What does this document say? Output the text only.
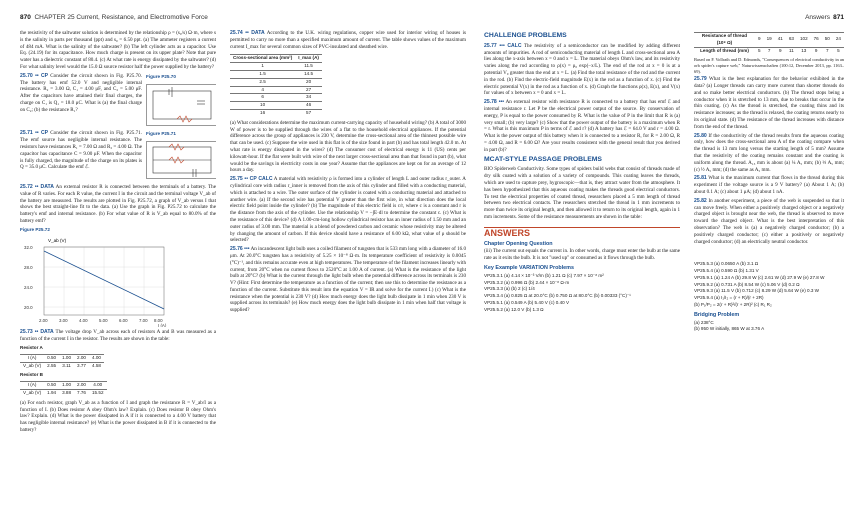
870 CHAPTER 25 Current, Resistance, and Electromotive Force	Answers 871

the resistivity of the saltwater solution is determined by the relationship ρ = (s₀/s) Ω·m, where s is the salinity in parts per thousand (ppt) and s₀ = 6.50 ppt. (a) The ammeter registers a current of 484 mA. What is the salinity of the saltwater? (b) The left cylinder acts as a capacitor. Use Eq. (24.19) for its capacitance. How much charge is present on its upper plate? Note that pure water has a dielectric constant of 80.4. (c) At what rate is energy dissipated by the saltwater? (d) For what salinity level would the 15.0 Ω source resistor half the power supplied by the battery?

25.70 •• CP Consider the circuit shown in Fig. P25.70. The battery has emf 52.0 V and negligible internal resistance. R₂ = 3.00 Ω, C₁ = 4.00 μF, and C₂ = 5.00 μF. After the capacitors have attained their final charges, the charge on C₁ is Q₁ = 18.0 μC. What is (a) the final charge on C₂; (b) the resistance R₁?

Figure P25.70

25.71 •• CP Consider the circuit shown in Fig. P25.71. The emf source has negligible internal resistance. The resistors have resistances R₁ = 7.00 Ω and R₂ = 4.00 Ω. The capacitor has capacitance C = 9.00 μF. When the capacitor is fully charged, the magnitude of the charge on its plates is Q = 35.0 μC. Calculate the emf ℰ.

Figure P25.71

25.72 •• DATA An external resistor R is connected between the terminals of a battery. The value of R varies. For each R value, the current I in the circuit and the terminal voltage V_ab of the battery are measured. The results are plotted in Fig. P25.72, a graph of V_ab versus I that shows the best straight-line fit to the data. (a) Use the graph in Fig. P25.72 to calculate the battery's emf and internal resistance. (b) For what value of R is V_ab equal to 80.0% of the battery emf?

Figure P25.72
V_ab (V)
32.0
28.0
24.0
20.0
2.00	3.00	4.00	5.00	6.00	7.00 8.00
I (A)

25.73 •• DATA The voltage drop V_ab across each of resistors A and B was measured as a function of the current I in the resistor. The results are shown in the table:

Resistor A
I (A)	0.50	1.00	2.00	4.00
V_ab (V)	2.55	3.11	3.77	4.58
Resistor B
I (A)	0.50	1.00	2.00	4.00
V_ab (V)	1.94	3.88	7.76	15.52

(a) For each resistor, graph V_ab as a function of I and graph the resistance R = V_ab/I as a function of I. (b) Does resistor A obey Ohm's law? Explain. (c) Does resistor B obey Ohm's law? Explain. (d) What is the power dissipated in A if it is connected to a 4.00 V battery that has negligible internal resistance? (e) What is the power dissipated in B if it is connected to the battery?

25.74 •• DATA According to the U.K. wiring regulations, copper wire used for interior wiring of houses is permitted to carry no more than a specified maximum amount of current. The table shows values of the maximum current I_max for several common sizes of PVC-insulated and sheathed wire.

Cross-sectional area (mm²)	I_max (A)
1	11.5
1.5	14.5
2.5	20
4	27
6	34
10	46
16	57

(a) What considerations determine the maximum current-carrying capacity of household wiring? (b) A total of 3000 W of power is to be supplied through the wires of a flat to the household electrical appliances. If the potential difference across the group of appliances is 230 V, determine the cross-sectional area of the thinnest possible wire that can be used. (c) Suppose the wire used in this flat is of the size found in part (b) and has total length 42.0 m. At what rate is energy dissipated in the wires? (d) The consumer cost of electrical energy is 11 (US) cents per kilowatt-hour. If the flat were built with wire of the next larger cross-sectional area than that found in part (b), what would be the savings in electricity costs in one year? Assume that the appliances are kept on for an average of 12 hours a day.

25.75 •• CP CALC A material with resistivity ρ is formed into a cylinder of length L and outer radius r_outer. A cylindrical core with radius r_inner is removed from the axis of this cylinder and filled with a conducting material, which is attached to a wire. The outer surface of the cylinder is coated with a conducting material and attached to another wire. (a) If the second wire has potential V greater than the first wire, in what direction does the local electric field point inside the cylinder? (b) The magnitude of this electric field is c/r, where c is a constant and r is the distance from the axis of the cylinder. Use the relationship V = −∫E·dl to determine the constant c. (c) What is the resistance of this device? (d) A 1.00-cm-long hollow cylindrical resistor has an inner radius of 1.50 mm and an outer radius of 3.00 mm. The material is a blend of powdered carbon and ceramic whose resistivity may be altered by changing the amount of carbon. If this device should have a resistance of 6.00 kΩ, what value of ρ should be selected?

25.76 ••• An incandescent light bulb uses a coiled filament of tungsten that is 533 mm long with a diameter of 16.0 μm. At 20.0°C tungsten has a resistivity of 5.25 × 10⁻⁸ Ω·m. Its temperature coefficient of resistivity is 0.0045 (°C)⁻¹, and this remains accurate even at high temperatures. The temperature of the filament increases linearly with current, from 20°C when no current flows to 2520°C at 1.00 A of current. (a) What is the resistance of the light bulb at 20°C? (b) What is the current through the light bulb when the potential difference across its terminals is 230 V? (Hint: First determine the temperature as a function of the current; then use this to determine the resistance as a function of the current. Substitute this result into the equation V = IR and solve for the current I.) (c) What is the resistance when the potential is 230 V? (d) How much energy does the light bulb dissipate in 1 min when 230 V is supplied across its terminals? (e) How much energy does the light bulb dissipate in 1 min when half that voltage is supplied?

CHALLENGE PROBLEMS

25.77 ••• CALC The resistivity of a semiconductor can be modified by adding different amounts of impurities. A rod of semiconducting material of length L and cross-sectional area A lies along the x-axis between x = 0 and x = L. The material obeys Ohm's law, and its resistivity varies along the rod according to ρ(x) = ρ₀ exp(−x/L). The end of the rod at x = 0 is at a potential V₀ greater than the end at x = L. (a) Find the total resistance of the rod and the current in the rod. (b) Find the electric-field magnitude E(x) in the rod as a function of x. (c) Find the electric potential V(x) in the rod as a function of x. (d) Graph the functions ρ(x), E(x), and V(x) for values of x between x = 0 and x = L.

25.78 ••• An external resistor with resistance R is connected to a battery that has emf ℰ and internal resistance r. Let P be the electrical power output of the source. By conservation of energy, P is equal to the power consumed by R. What is the value of P in the limit that R is (a) very small; (b) very large? (c) Show that the power output of the battery is a maximum when R = r. What is this maximum P in terms of ℰ and r? (d) A battery has ℰ = 64.0 V and r = 4.00 Ω. What is the power output of this battery when it is connected to a resistor R, for R = 2.00 Ω, R = 4.00 Ω, and R = 6.00 Ω? Are your results consistent with the general result that you derived in part (b)?

MCAT-STYLE PASSAGE PROBLEMS

BIO Spiderweb Conductivity. Some types of spiders build webs that consist of threads made of dry silk coated with a solution of a variety of compounds. This coating leaves the threads, which are used to capture prey, hygroscopic—that is, they attract water from the atmosphere. It has been hypothesized that this aqueous coating makes the threads good electrical conductors. To test the electrical properties of coated thread, researchers placed a 5 mm length of thread between two electrical contacts. The researchers stretched the thread in 1 mm increments to more than twice its original length, and then allowed it to return to its original length, again in 1 mm increments. Some of the resistance measurements are shown in the table:

ANSWERS
Chapter Opening Question

(iii) The current out equals the current in. In other words, charge must enter the bulb at the same rate as it exits the bulb. It is not "used up" or consumed as it flows through the bulb.

Key Example VARIATION Problems
VP25.3.1 (a) 4.14 × 10⁻³ V/m (b) 1.21 Ω (c) 7.97 × 10⁻⁸ m²
VP25.3.2 (a) 0.996 Ω (b) 2.44 × 10⁻⁸ Ω·m
VP25.3.3 (a) (b) 2 (c) 1/4
VP25.3.4 (a) 0.825 Ω at 20.0°C (b) 0.750 Ω at 80.0°C (b) 0.00333 (°C)⁻¹
VP25.5.1 (a) 0.549 A (b) 5.40 V (c) 0.40 V
VP25.5.2 (a) 12.0 V (b) 1.3 Ω
Resistance of thread (10⁹ Ω)	9	19	41	63	102	76	50	24
Length of thread (mm)	5	7	9	11	13	9	7	5

Based on F. Vollrath and D. Edmonds, "Consequences of electrical conductivity in an orb spider's capture web," Naturwissenschaften (100:12, December 2013, pp. 1163–69).

25.79 What is the best explanation for the behavior exhibited in the data? (a) Longer threads can carry more current than shorter threads do and so make better electrical conductors. (b) The thread stops being a conductor when it is stretched to 13 mm, due to breaks that occur in the thin coating. (c) As the thread is stretched, the coating thins and its resistance increases; as the thread is relaxed, the coating returns nearly to its original state. (d) The resistance of the thread increases with distance from the end of the thread.

25.80 If the conductivity of the thread results from the aqueous coating only, how does the cross-sectional area A of the coating compare when the thread is 13 mm long versus the starting length of 5 mm? Assume that the resistivity of the coating remains constant and the coating is uniform along the thread. A₁₃ mm is about (a) ¼ A₅ mm; (b) ⅓ A₅ mm; (c) ½ A₅ mm; (d) the same as A₅ mm.

25.81 What is the maximum current that flows in the thread during this experiment if the voltage source is a 9 V battery? (a) About 1 A; (b) about 0.1 A; (c) about 1 μA; (d) about 1 nA.

25.82 In another experiment, a piece of the web is suspended so that it can move freely. When either a positively charged object or a negatively charged object is brought near the web, the thread is observed to move toward the charged object. What is the best interpretation of this observation? The web is (a) a negatively charged conductor; (b) a positively charged conductor; (c) either a positively or negatively charged conductor; (d) an electrically neutral conductor.

VP25.5.3 (a) 0.0650 A (b) 3.1 Ω
VP25.5.4 (a) 0.590 Ω (b) 1.31 V
VP25.9.1 (a) 1.24 A (b) 29.8 W (c) 2.61 W (d) 27.9 W (e) 27.8 W
VP25.9.2 (a) 0.731 A (b) 8.54 W (c) 5.06 V (d) 0.2 Ω
VP25.9.3 (a) 11.5 V (b) 0.712 (c) 8.29 W (d) 5.64 W (e) 0.3 W
VP25.9.4 (a) I₁/I₂ = (r + R)/(r + 2R)
(b) P₁/P₂ = 2(r + R)²/(r + 2R)² (c) R₁ R₂
Bridging Problem
(a) 238°C
(b) 950 W initially, 865 W at 3.76 A
